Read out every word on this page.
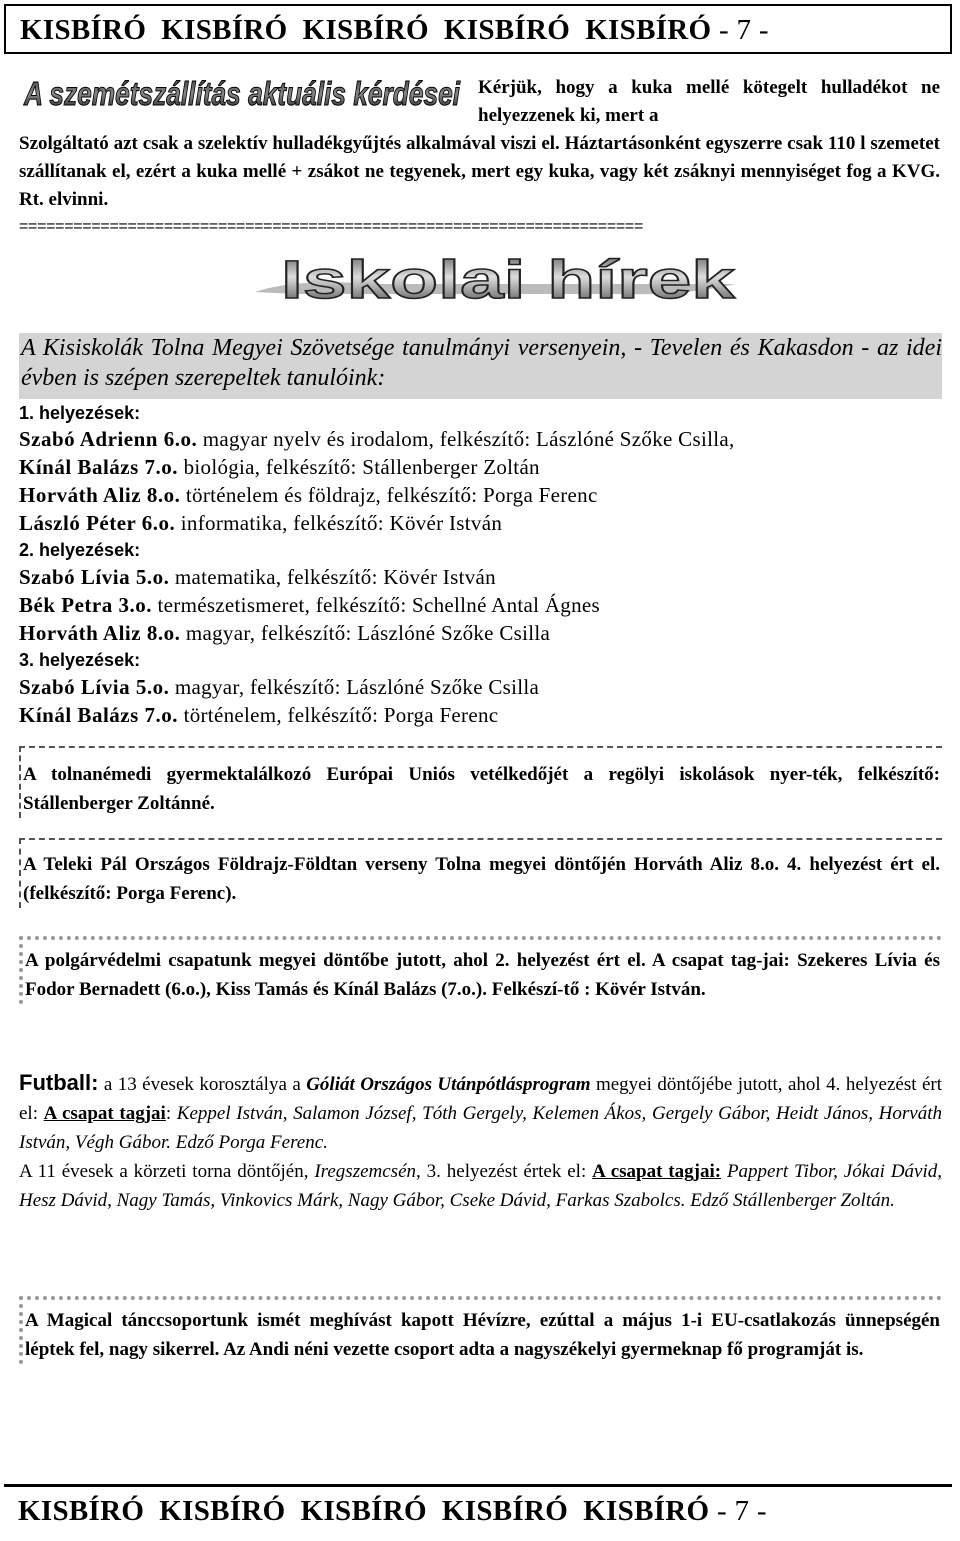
KISBÍRÓ  KISBÍRÓ  KISBÍRÓ  KISBÍRÓ  KISBÍRÓ - 7 -
A szemétszállítás aktuális kérdései Kérjük, hogy a kuka mellé kötegelt hulladékot ne helyezzenek ki, mert a
Szolgáltató azt csak a szelektív hulladékgyűjtés alkalmával viszi el. Háztartásonként egyszerre csak 110 l szemetet szállítanak el, ezért a kuka mellé + zsákot ne tegyenek, mert egy kuka, vagy két zsáknyi mennyiséget fog a KVG. Rt. elvinni.
=====================================================================
Iskolai hírek
A Kisiskolák Tolna Megyei Szövetsége tanulmányi versenyein, - Tevelen és Kakasdon - az idei évben is szépen szerepeltek tanulóink:
1. helyezések:
Szabó Adrienn 6.o. magyar nyelv és irodalom, felkészítő: Lászlóné Szőke Csilla,
Kínál Balázs 7.o. biológia, felkészítő: Stállenberger Zoltán
Horváth Aliz 8.o. történelem és földrajz, felkészítő: Porga Ferenc
László Péter 6.o. informatika, felkészítő: Kövér István
2. helyezések:
Szabó Lívia 5.o. matematika, felkészítő: Kövér István
Bék Petra 3.o. természetismeret, felkészítő: Schellné Antal Ágnes
Horváth Aliz 8.o. magyar, felkészítő: Lászlóné Szőke Csilla
3. helyezések:
Szabó Lívia 5.o. magyar, felkészítő: Lászlóné Szőke Csilla
Kínál Balázs 7.o. történelem, felkészítő: Porga Ferenc
A tolnanémedi gyermektalálkozó Európai Uniós vetélkedőjét a regölyi iskolások nyer-ték, felkészítő: Stállenberger Zoltánné.
A Teleki Pál Országos Földrajz-Földtan verseny Tolna megyei döntőjén Horváth Aliz 8.o. 4. helyezést ért el. (felkészítő: Porga Ferenc).
A polgárvédelmi csapatunk megyei döntőbe jutott, ahol 2. helyezést ért el. A csapat tag-jai: Szekeres Lívia és Fodor Bernadett (6.o.), Kiss Tamás és Kínál Balázs (7.o.). Felkészí-tő : Kövér István.
Futball: a 13 évesek korosztálya a Góliát Országos Utánpótlásprogram megyei döntőjébe jutott, ahol 4. helyezést ért el: A csapat tagjai: Keppel István, Salamon József, Tóth Gergely, Kelemen Ákos, Gergely Gábor, Heidt János, Horváth István, Végh Gábor. Edző Porga Ferenc.
A 11 évesek a körzeti torna döntőjén, Iregszemcsén, 3. helyezést értek el: A csapat tagjai: Pappert Tibor, Jókai Dávid, Hesz Dávid, Nagy Tamás, Vinkovics Márk, Nagy Gábor, Cseke Dávid, Farkas Szabolcs. Edző Stállenberger Zoltán.
A Magical tánccsoportunk ismét meghívást kapott Hévízre, ezúttal a május 1-i EU-csatlakozás ünnepségén léptek fel, nagy sikerrel. Az Andi néni vezette csoport adta a nagyszékelyi gyermeknap fő programját is.
KISBÍRÓ  KISBÍRÓ  KISBÍRÓ  KISBÍRÓ  KISBÍRÓ - 7 -
